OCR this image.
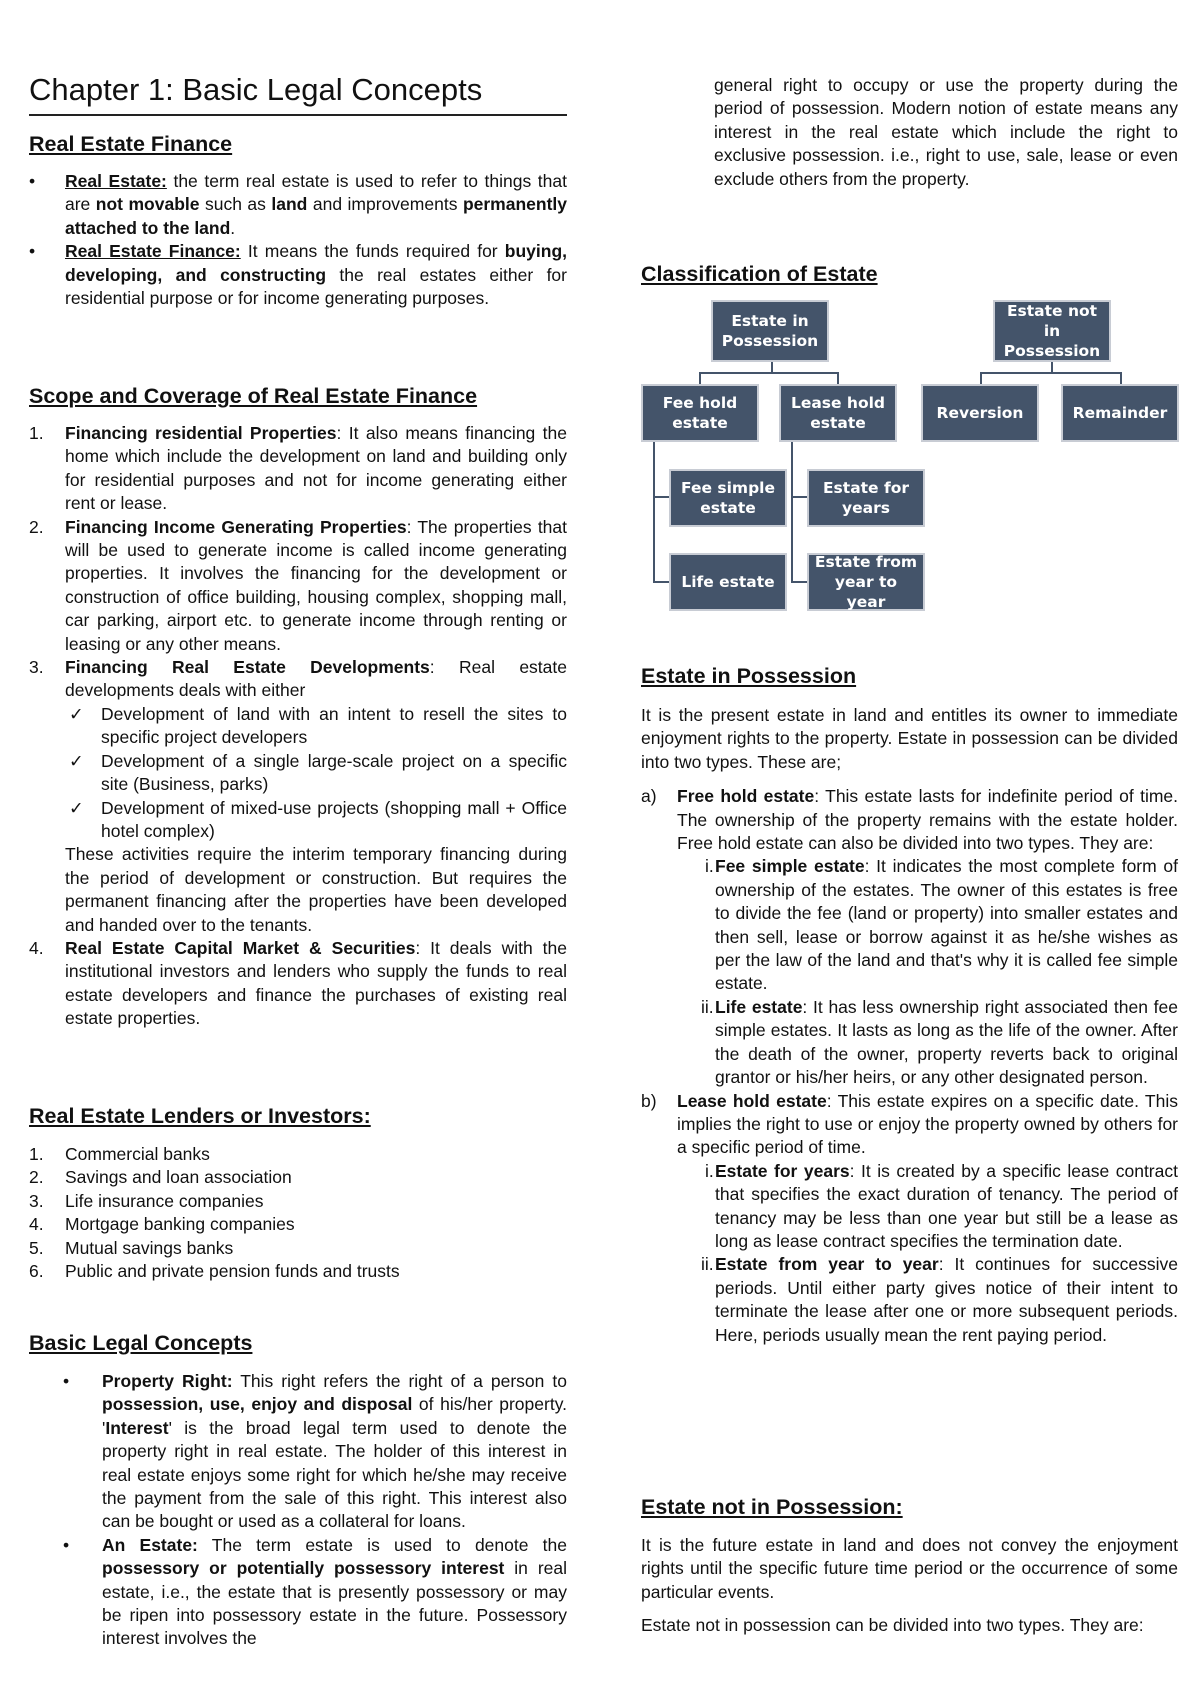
Chapter 1: Basic Legal Concepts
Real Estate Finance
• Real Estate: the term real estate is used to refer to things that are not movable such as land and improvements permanently attached to the land.
• Real Estate Finance: It means the funds required for buying, developing, and constructing the real estates either for residential purpose or for income generating purposes.
Scope and Coverage of Real Estate Finance
1. Financing residential Properties: It also means financing the home which include the development on land and building only for residential purposes and not for income generating either rent or lease.
2. Financing Income Generating Properties: The properties that will be used to generate income is called income generating properties. It involves the financing for the development or construction of office building, housing complex, shopping mall, car parking, airport etc. to generate income through renting or leasing or any other means.
3. Financing Real Estate Developments: Real estate developments deals with either
✓ Development of land with an intent to resell the sites to specific project developers
✓ Development of a single large-scale project on a specific site (Business, parks)
✓ Development of mixed-use projects (shopping mall + Office hotel complex)

These activities require the interim temporary financing during the period of development or construction. But requires the permanent financing after the properties have been developed and handed over to the tenants.

4. Real Estate Capital Market & Securities: It deals with the institutional investors and lenders who supply the funds to real estate developers and finance the purchases of existing real estate properties.
Real Estate Lenders or Investors:
1. Commercial banks
2. Savings and loan association
3. Life insurance companies
4. Mortgage banking companies
5. Mutual savings banks
6. Public and private pension funds and trusts
Basic Legal Concepts
• Property Right: This right refers the right of a person to possession, use, enjoy and disposal of his/her property. 'Interest' is the broad legal term used to denote the property right in real estate. The holder of this interest in real estate enjoys some right for which he/she may receive the payment from the sale of this right. This interest also can be bought or used as a collateral for loans.
• An Estate: The term estate is used to denote the possessory or potentially possessory interest in real estate, i.e., the estate that is presently possessory or may be ripen into possessory estate in the future. Possessory interest involves the

general right to occupy or use the property during the period of possession. Modern notion of estate means any interest in the real estate which include the right to exclusive possession. i.e., right to use, sale, lease or even exclude others from the property.

Classification of Estate
Estate in Possession
Estate not in Possession
Fee hold estate
Lease hold estate
Reversion	Remainder
Fee simple estate
Life estate
Estate for years
Estate from year to year
Estate in Possession

It is the present estate in land and entitles its owner to immediate enjoyment rights to the property. Estate in possession can be divided into two types. These are;

a) Free hold estate: This estate lasts for indefinite period of time. The ownership of the property remains with the estate holder. Free hold estate can also be divided into two types. They are:
i. Fee simple estate: It indicates the most complete form of ownership of the estates. The owner of this estates is free to divide the fee (land or property) into smaller estates and then sell, lease or borrow against it as he/she wishes as per the law of the land and that's why it is called fee simple estate.
ii. Life estate: It has less ownership right associated then fee simple estates. It lasts as long as the life of the owner. After the death of the owner, property reverts back to original grantor or his/her heirs, or any other designated person.
b) Lease hold estate: This estate expires on a specific date. This implies the right to use or enjoy the property owned by others for a specific period of time.
i. Estate for years: It is created by a specific lease contract that specifies the exact duration of tenancy. The period of tenancy may be less than one year but still be a lease as long as lease contract specifies the termination date.
ii. Estate from year to year: It continues for successive periods. Until either party gives notice of their intent to terminate the lease after one or more subsequent periods. Here, periods usually mean the rent paying period.
Estate not in Possession:

It is the future estate in land and does not convey the enjoyment rights until the specific future time period or the occurrence of some particular events.

Estate not in possession can be divided into two types. They are:
